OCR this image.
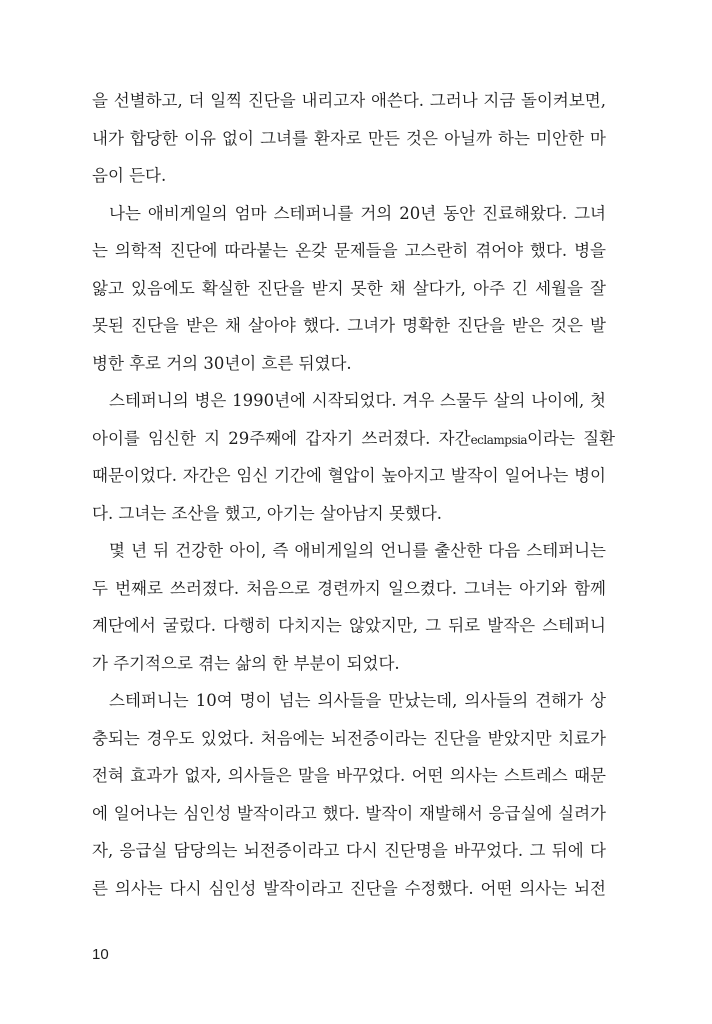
을 선별하고, 더 일찍 진단을 내리고자 애쓴다. 그러나 지금 돌이켜보면,
내가 합당한 이유 없이 그녀를 환자로 만든 것은 아닐까 하는 미안한 마
음이 든다.
나는 애비게일의 엄마 스테퍼니를 거의 20년 동안 진료해왔다. 그녀
는 의학적 진단에 따라붙는 온갖 문제들을 고스란히 겪어야 했다. 병을
앓고 있음에도 확실한 진단을 받지 못한 채 살다가, 아주 긴 세월을 잘
못된 진단을 받은 채 살아야 했다. 그녀가 명확한 진단을 받은 것은 발
병한 후로 거의 30년이 흐른 뒤였다.
스테퍼니의 병은 1990년에 시작되었다. 겨우 스물두 살의 나이에, 첫
아이를 임신한 지 29주째에 갑자기 쓰러졌다. 자간eclampsia이라는 질환
때문이었다. 자간은 임신 기간에 혈압이 높아지고 발작이 일어나는 병이
다. 그녀는 조산을 했고, 아기는 살아남지 못했다.
몇 년 뒤 건강한 아이, 즉 애비게일의 언니를 출산한 다음 스테퍼니는
두 번째로 쓰러졌다. 처음으로 경련까지 일으켰다. 그녀는 아기와 함께
계단에서 굴렀다. 다행히 다치지는 않았지만, 그 뒤로 발작은 스테퍼니
가 주기적으로 겪는 삶의 한 부분이 되었다.
스테퍼니는 10여 명이 넘는 의사들을 만났는데, 의사들의 견해가 상
충되는 경우도 있었다. 처음에는 뇌전증이라는 진단을 받았지만 치료가
전혀 효과가 없자, 의사들은 말을 바꾸었다. 어떤 의사는 스트레스 때문
에 일어나는 심인성 발작이라고 했다. 발작이 재발해서 응급실에 실려가
자, 응급실 담당의는 뇌전증이라고 다시 진단명을 바꾸었다. 그 뒤에 다
른 의사는 다시 심인성 발작이라고 진단을 수정했다. 어떤 의사는 뇌전
10
